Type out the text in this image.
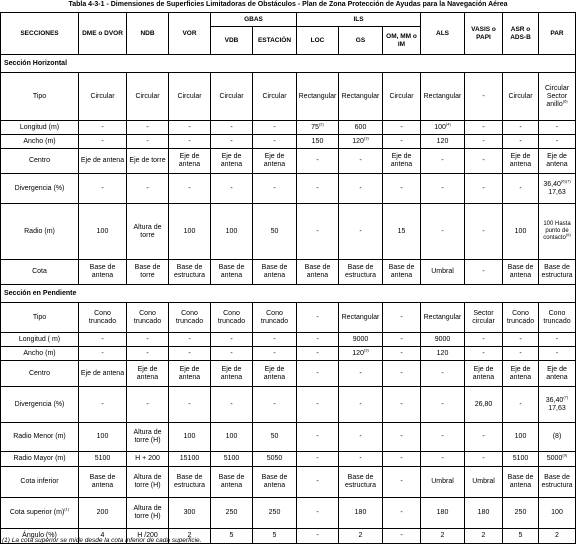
Tabla 4-3-1 - Dimensiones de Superficies Limitadoras de Obstáculos - Plan de Zona Protección de Ayudas para la Navegación Aérea
SECCIONES	DME o DVOR	NDB	VOR	GBAS		ILS			ALS	VASIS o PAPI	ASR o ADS-B	PAR
				VDB	ESTACIÓN	LOC	GS	OM, MM o IM				
Sección Horizontal												
Tipo	Circular	Circular	Circular	Circular	Circular	Rectangular	Rectangular	Circular	Rectangular	-	Circular	Circular Sector anillo$^{(6)}$
Longitud (m)	-	-	-	-	-	75$^{(2)}$	600	-	100$^{(4)}$	-	-	-
Ancho (m)	-	-	-	-	-	150	120$^{(3)}$	-	120	-	-	-
Centro	Eje de antena	Eje de torre	Eje de antena	Eje de antena	Eje de antena	-	-	Eje de antena	-	-	Eje de antena	Eje de antena
Divergencia (%)	-	-	-	-	-	-	-	-	-	-	-	$36,40^{(6)(7)}$
17,63
Radio (m)	100	Altura de torre	100	100	50	-	-	15	-	-	100	100 Hasta punto de contacto$^{(6)}$
Cota	Base de antena	Base de torre	Base de estructura	Base de antena	Base de antena	Base de antena	Base de estructura	Base de antena	Umbral	-	Base de antena	Base de estructura
Sección en Pendiente												
Tipo	Cono truncado	Cono truncado	Cono truncado	Cono truncado	Cono truncado	-	Rectangular	-	Rectangular	Sector circular	Cono truncado	Cono truncado
Longitud ( m)	-	-	-	-	-	-	9000	-	9000	-	-	-
Ancho (m)	-	-	-	-	-	-	120$^{(3)}$	-	120	-	-	-
Centro	Eje de antena	Eje de antena	Eje de antena	Eje de antena	Eje de antena	-	-	-	-	Eje de antena	Eje de antena	Eje de antena
Divergencia (%)	-	-	-	-	-	-	-	-	-	26,80	-	36,40$^{(7)}$
17,63
Radio Menor (m)	100	Altura de torre (H)	100	100	50	-	-	-	-	-	100	(8)
Radio Mayor (m)	5100	H + 200	15100	5100	5050	-	-	-	-	-	5100	5000$^{(9)}$
Cota inferior	Base de antena	Altura de torre (H)	Base de estructura	Base de antena	Base de antena	-	Base de estructura	-	Umbral	Umbral	Base de antena	Base de estructura
Cota superior $(m)^{(1)}$	200	Altura de torre (H)	300	250	250	-	180	-	180	180	250	100
Ángulo (%)	4	H /200	2	5	5	-	2	-	2	2	5	2
(1) La cota superior se mide desde la cota inferior de cada superficie.
